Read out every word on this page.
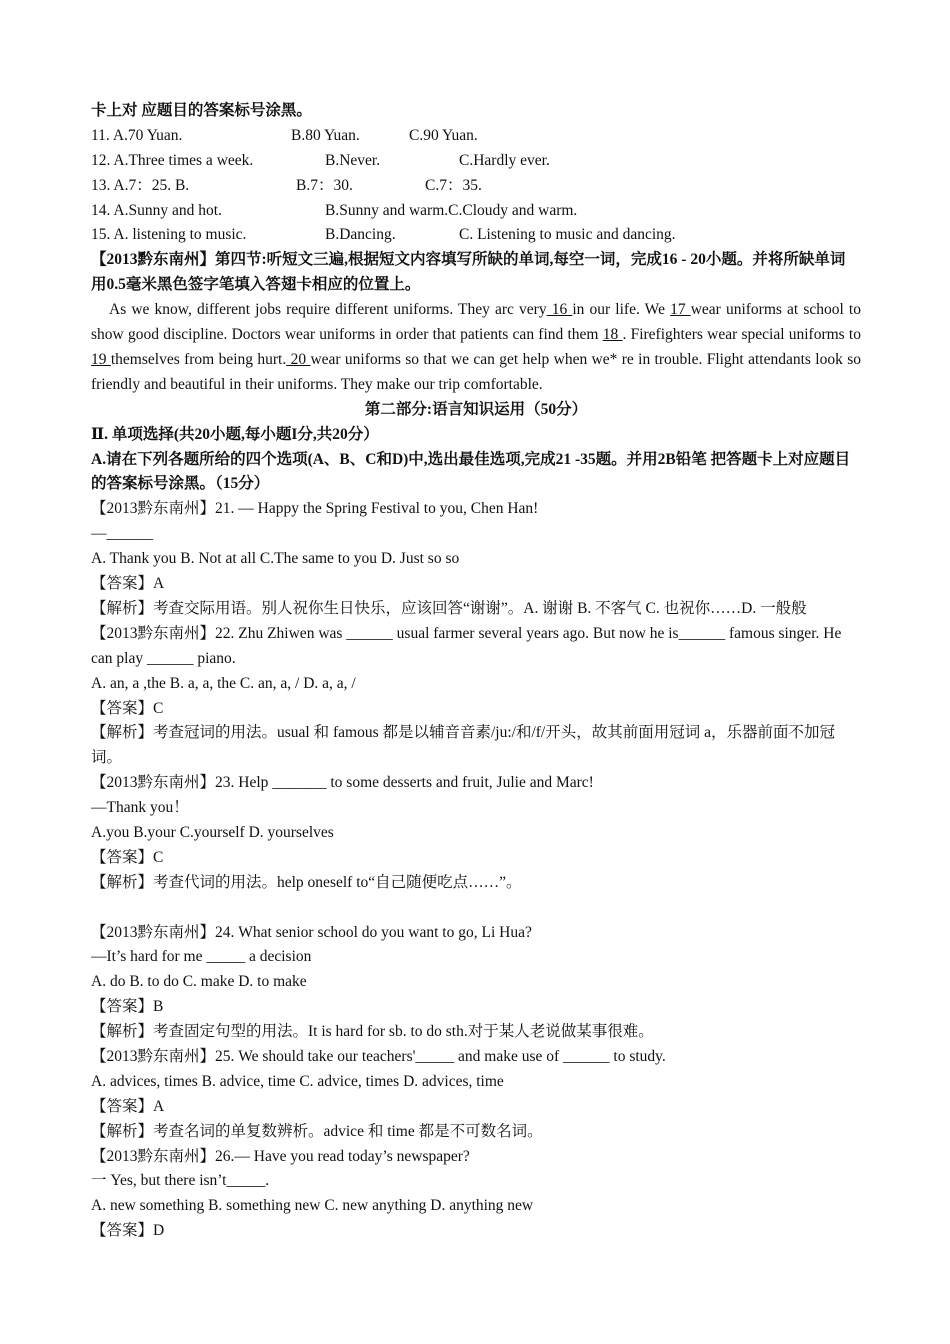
卡上对 应题目的答案标号涂黑。
11. A.70 Yuan.	B.80 Yuan.	C.90 Yuan.
12. A.Three times a week.	B.Never.	C.Hardly ever.
13. A.7：25. B.	B.7：30.	C.7：35.
14. A.Sunny and hot.	B.Sunny and warm.C.Cloudy and warm.
15. A. listening to music.	B.Dancing.	C. Listening to music and dancing.
【2013黔东南州】第四节:听短文三遍,根据短文内容填写所缺的单词,每空一词，完成16 - 20小题。并将所缺单词 用0.5毫米黑色签字笔填入答翅卡相应的位置上。
As we know, different jobs require different uniforms. They arc very 16 in our life. We 17 wear uniforms at school to show good discipline. Doctors wear uniforms in order that patients can find them 18 . Firefighters wear special uniforms to 19 themselves from being hurt. 20 wear uniforms so that we can get help when we* re in trouble. Flight attendants look so friendly and beautiful in their uniforms. They make our trip comfortable.
第二部分:语言知识运用（50分）
Ⅱ. 单项选择(共20小题,每小题I分,共20分）
A.请在下列各题所给的四个选项(A、B、C和D)中,选出最佳选项,完成21 -35题。并用2B铅笔 把答题卡上对应题目的答案标号涂黑。（15分）
【2013黔东南州】21. — Happy the Spring Festival to you, Chen Han!
—______
A. Thank you B. Not at all C.The same to you D. Just so so
【答案】A
【解析】考查交际用语。别人祝你生日快乐，应该回答“谢谢”。A. 谢谢 B. 不客气 C. 也祝你……D. 一般般
【2013黔东南州】22. Zhu Zhiwen was ______ usual farmer several years ago. But now he is______ famous singer. He can play ______ piano.
A. an, a ,the B. a, a, the C. an, a, / D. a, a, /
【答案】C
【解析】考查冠词的用法。usual 和 famous 都是以辅音音素/ju:/和/f/开头，故其前面用冠词 a，乐器前面不加冠词。
【2013黔东南州】23. Help _______ to some desserts and fruit, Julie and Marc!
—Thank you！
A.you B.your C.yourself D. yourselves
【答案】C
【解析】考查代词的用法。help oneself to“自己随便吃点……”。
【2013黔东南州】24. What senior school do you want to go, Li Hua?
—It’s hard for me _____ a decision
A. do B. to do C. make D. to make
【答案】B
【解析】考查固定句型的用法。It is hard for sb. to do sth.对于某人老说做某事很难。
【2013黔东南州】25. We should take our teachers'_____ and make use of ______ to study.
A. advices, times B. advice, time C. advice, times D. advices, time
【答案】A
【解析】考查名词的单复数辨析。advice 和 time 都是不可数名词。
【2013黔东南州】26.— Have you read today’s newspaper?
一 Yes, but there isn’t_____.
A. new something B. something new C. new anything D. anything new
【答案】D
